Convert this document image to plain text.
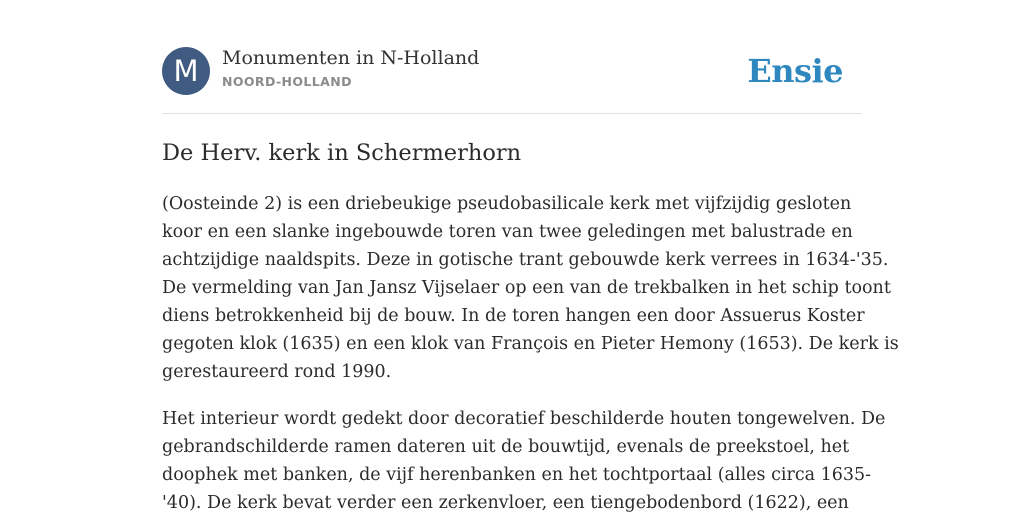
M	Monumenten in N-Holland
NOORD-HOLLAND	Ensie
De Herv. kerk in Schermerhorn

(Oosteinde 2) is een driebeukige pseudobasilicale kerk met vijfzijdig gesloten
koor en een slanke ingebouwde toren van twee geledingen met balustrade en
achtzijdige naaldspits. Deze in gotische trant gebouwde kerk verrees in 1634-'35.
De vermelding van Jan Jansz Vijselaer op een van de trekbalken in het schip toont
diens betrokkenheid bij de bouw. In de toren hangen een door Assuerus Koster
gegoten klok (1635) en een klok van François en Pieter Hemony (1653). De kerk is
gerestaureerd rond 1990.

Het interieur wordt gedekt door decoratief beschilderde houten tongewelven. De
gebrandschilderde ramen dateren uit de bouwtijd, evenals de preekstoel, het
doophek met banken, de vijf herenbanken en het tochtportaal (alles circa 1635-
'40). De kerk bevat verder een zerkenvloer, een tiengebodenbord (1622), een
